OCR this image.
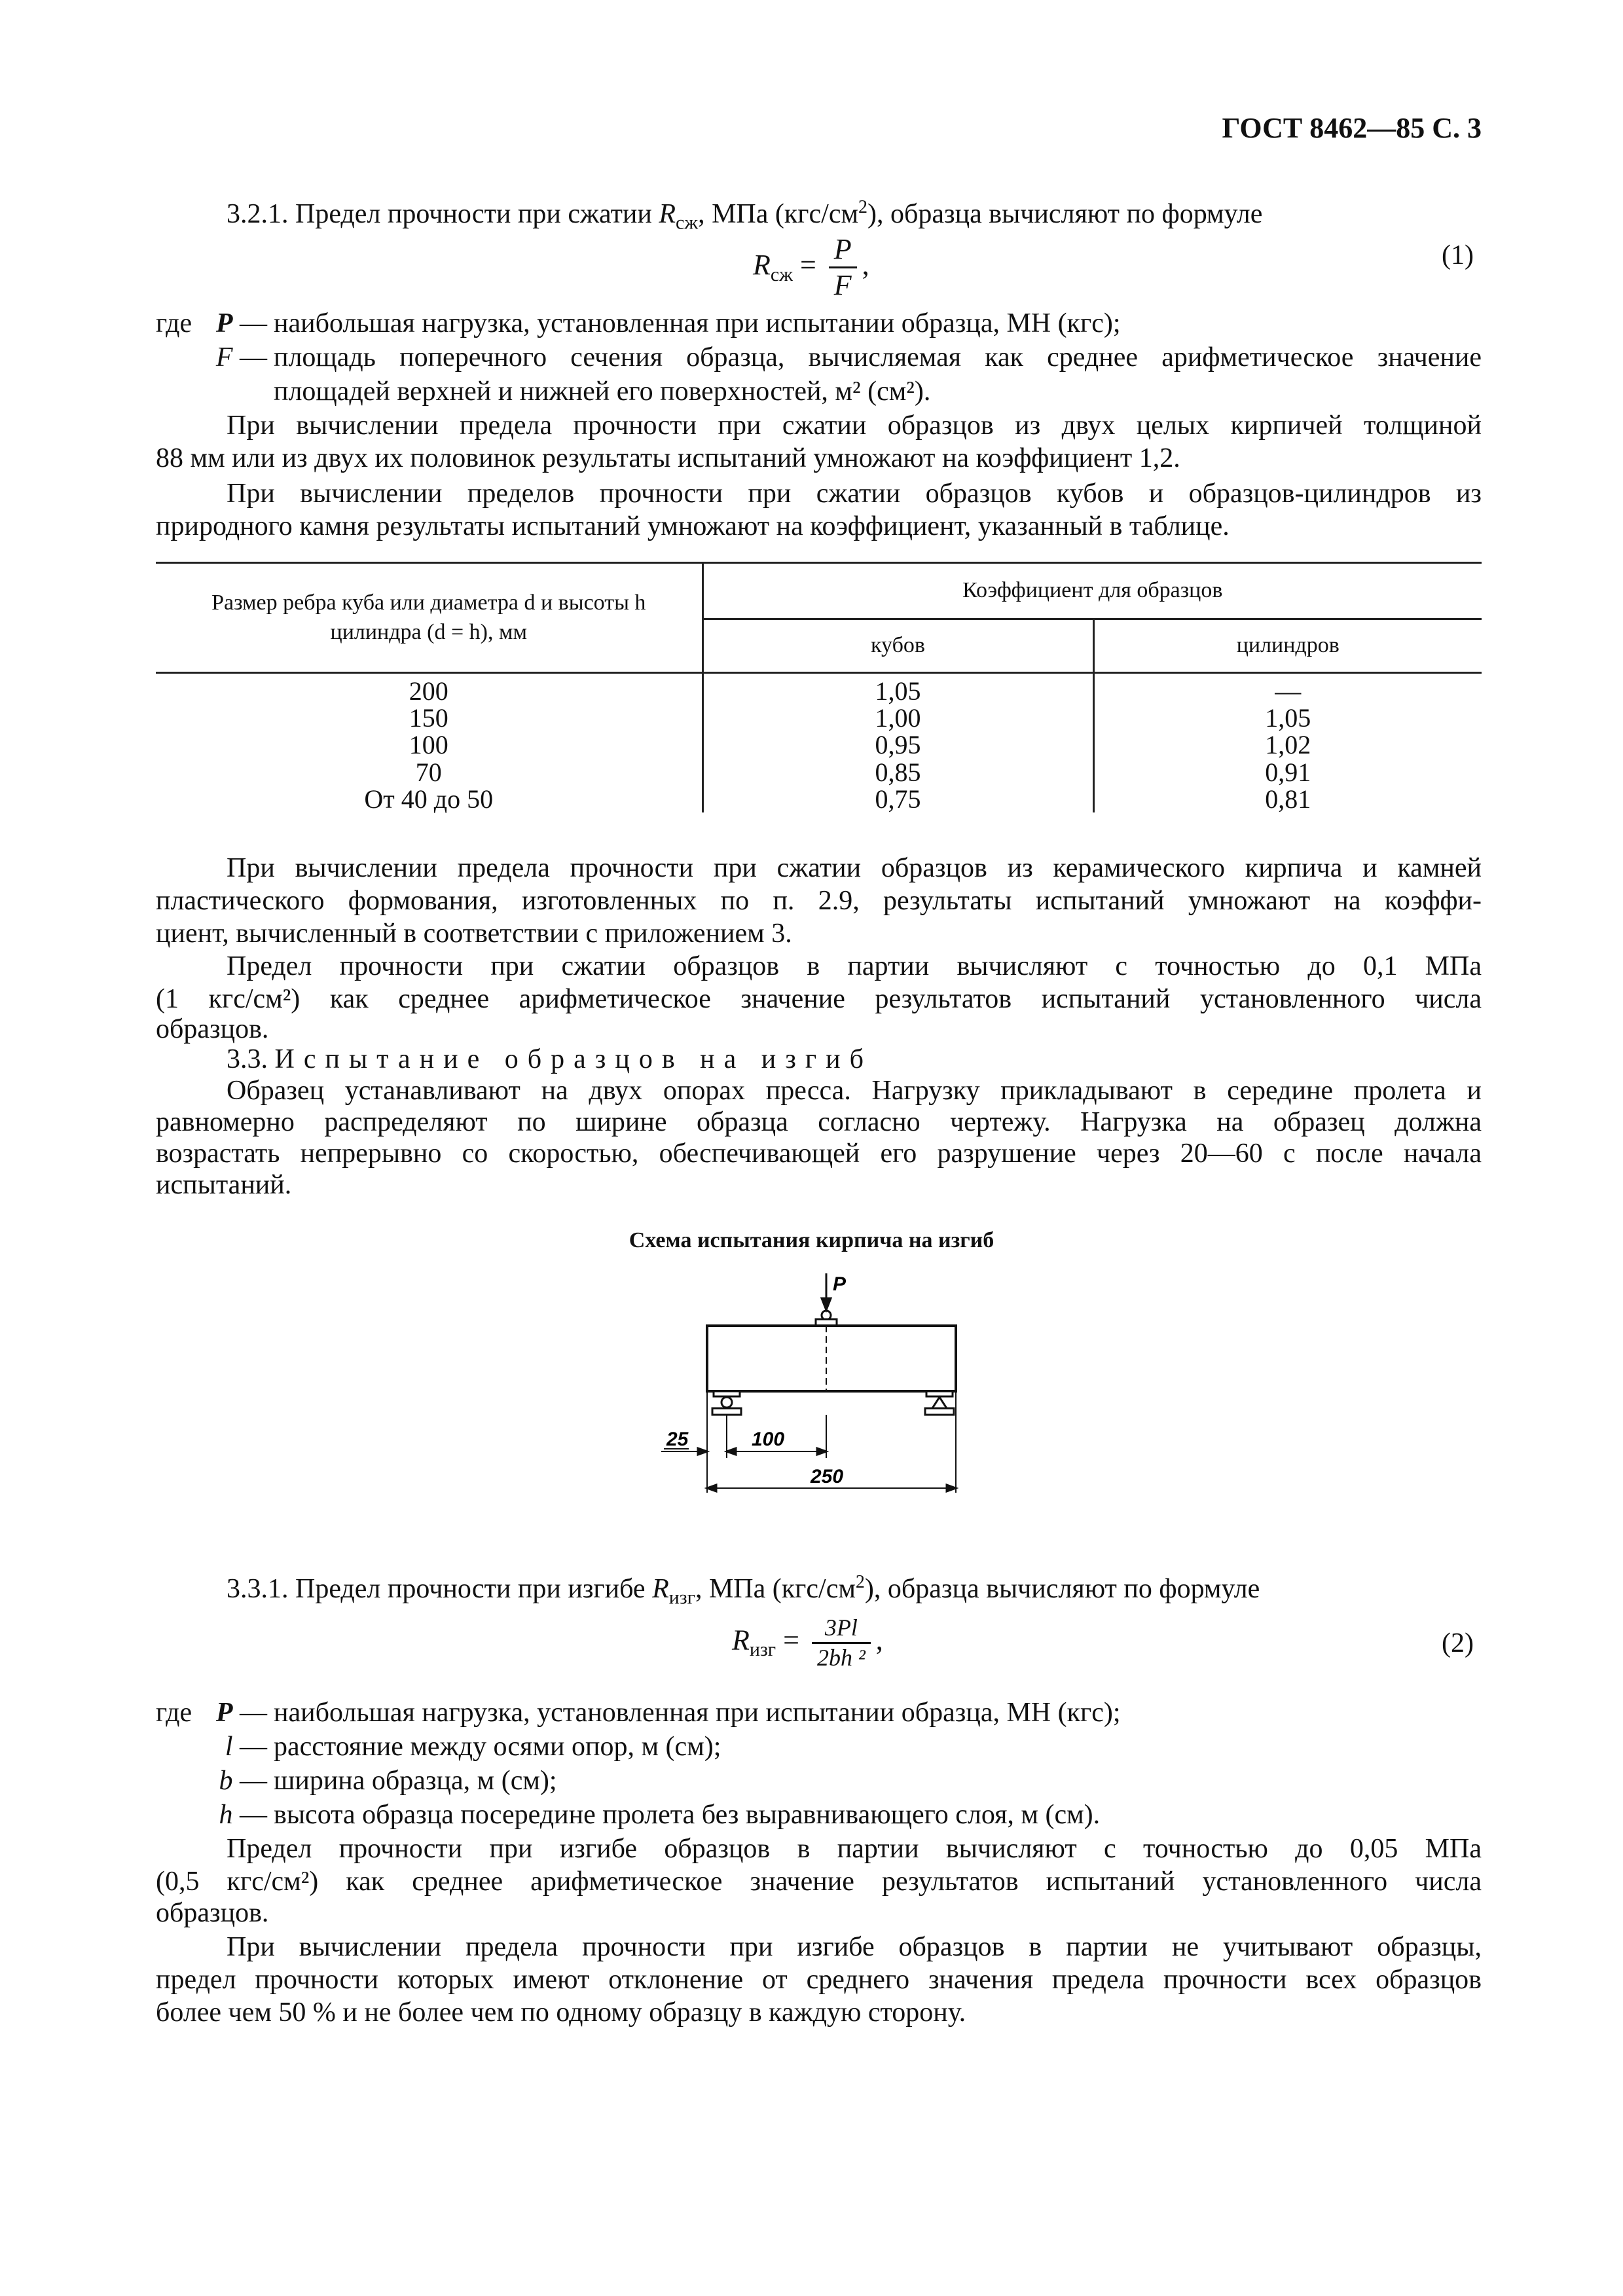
ГОСТ 8462—85 С. 3
3.2.1. Предел прочности при сжатии $R_{сж}$, МПа $(кгс/см^2)$, образца вычисляют по формуле
$R_{сж} = \frac{P}{F}$ ,	(1)
где P — наибольшая нагрузка, установленная при испытании образца, МН (кгс);
F — площадь поперечного сечения образца, вычисляемая как среднее арифметическое значение
площадей верхней и нижней его поверхностей, м² (см²).
При вычислении предела прочности при сжатии образцов из двух целых кирпичей толщиной
88 мм или из двух их половинок результаты испытаний умножают на коэффициент 1,2.
При вычислении пределов прочности при сжатии образцов кубов и образцов-цилиндров из
природного камня результаты испытаний умножают на коэффициент, указанный в таблице.
Размер ребра куба или диаметра d и высоты h
цилиндра (d = h), мм	Коэффициент для образцов	
	кубов	цилиндров
200	1,05	—
150	1,00	1,05
100	0,95	1,02
70	0,85	0,91
От 40 до 50	0,75	0,81
При вычислении предела прочности при сжатии образцов из керамического кирпича и камней
пластического формования, изготовленных по п. 2.9, результаты испытаний умножают на коэффи-
циент, вычисленный в соответствии с приложением 3.
Предел прочности при сжатии образцов в партии вычисляют с точностью до 0,1 МПа
(1 кгс/см²) как среднее арифметическое значение результатов испытаний установленного числа
образцов.
3.3. Испытание образцов на изгиб
Образец устанавливают на двух опорах пресса. Нагрузку прикладывают в середине пролета и
равномерно распределяют по ширине образца согласно чертежу. Нагрузка на образец должна
возрастать непрерывно со скоростью, обеспечивающей его разрушение через 20—60 с после начала
испытаний.
Схема испытания кирпича на изгиб
P
25	100
250
3.3.1. Предел прочности при изгибе $R_{изг}$, МПа $(кгс/см^2)$, образца вычисляют по формуле
$R_{изг} = \frac{3Pl}{\text{2bh ²}}$ ,	(2)
где P — наибольшая нагрузка, установленная при испытании образца, МН (кгс);
l — расстояние между осями опор, м (см);
b — ширина образца, м (см);
h — высота образца посередине пролета без выравнивающего слоя, м (см).
Предел прочности при изгибе образцов в партии вычисляют с точностью до 0,05 МПа
(0,5 кгс/см²) как среднее арифметическое значение результатов испытаний установленного числа
образцов.
При вычислении предела прочности при изгибе образцов в партии не учитывают образцы,
предел прочности которых имеют отклонение от среднего значения предела прочности всех образцов
более чем 50 % и не более чем по одному образцу в каждую сторону.
